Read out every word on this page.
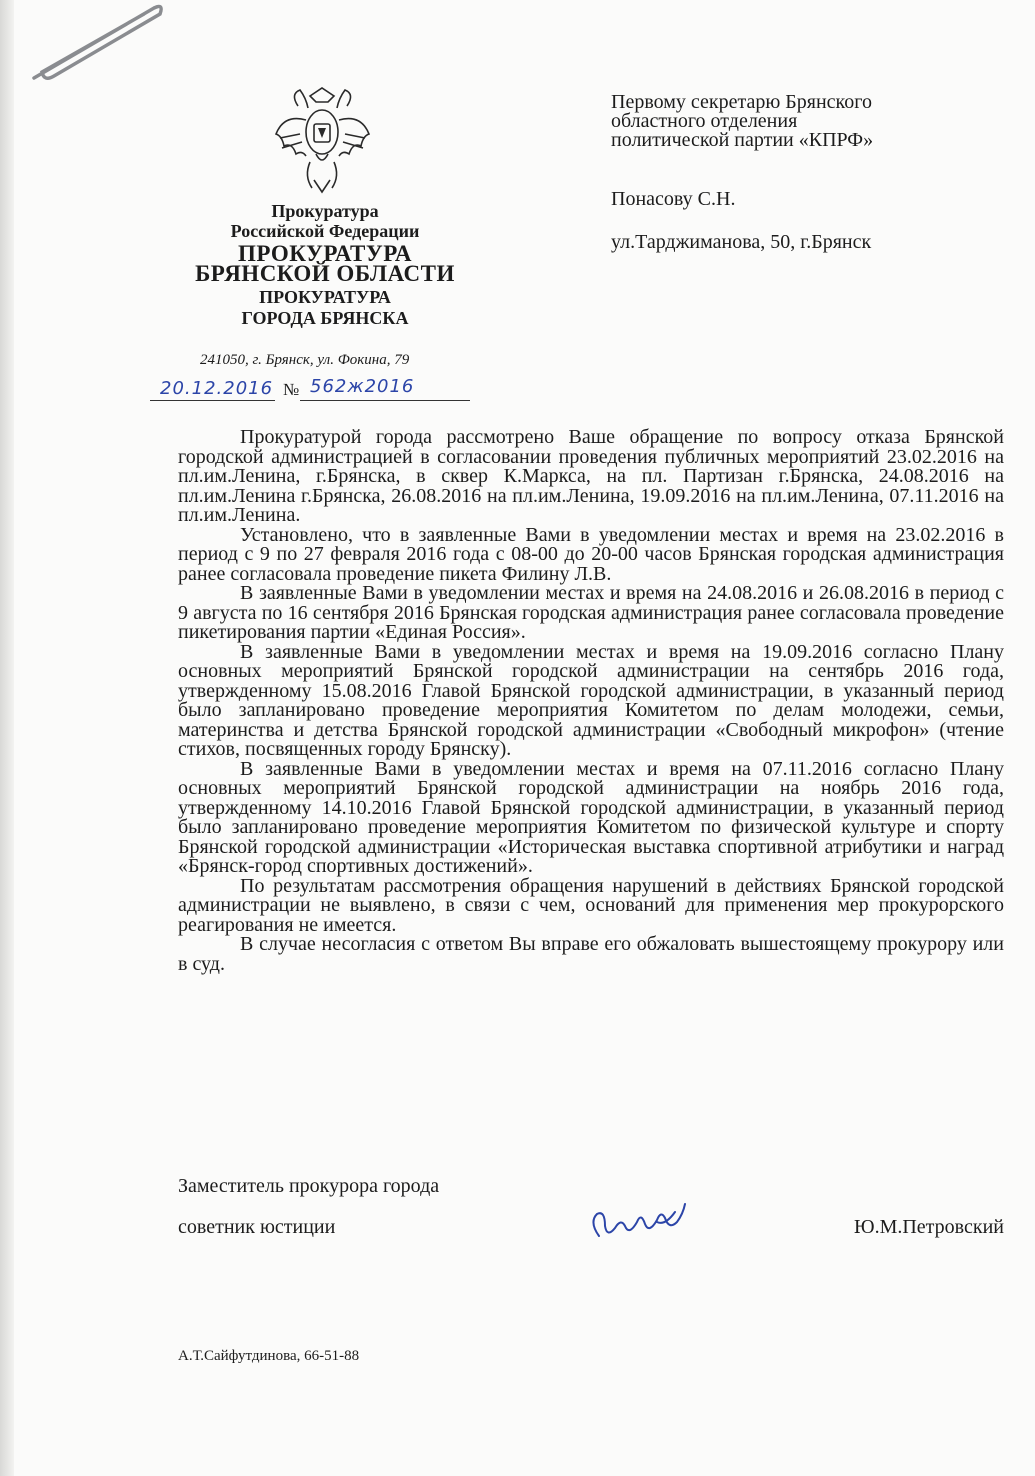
Прокуратура
Российской Федерации
ПРОКУРАТУРА
БРЯНСКОЙ ОБЛАСТИ
ПРОКУРАТУРА
ГОРОДА БРЯНСКА
241050, г. Брянск, ул. Фокина, 79
20.12.2016 № 562ж2016
Первому секретарю Брянского
областного отделения
политической партии «КПРФ»
Понасову С.Н.
ул.Тарджиманова, 50, г.Брянск

Прокуратурой города рассмотрено Ваше обращение по вопросу отказа Брянской городской администрацией в согласовании проведения публичных мероприятий 23.02.2016 на пл.им.Ленина, г.Брянска, в сквер К.Маркса, на пл. Партизан г.Брянска, 24.08.2016 на пл.им.Ленина г.Брянска, 26.08.2016 на пл.им.Ленина, 19.09.2016 на пл.им.Ленина, 07.11.2016 на пл.им.Ленина.

Установлено, что в заявленные Вами в уведомлении местах и время на 23.02.2016 в период с 9 по 27 февраля 2016 года с 08-00 до 20-00 часов Брянская городская администрация ранее согласовала проведение пикета Филину Л.В.

В заявленные Вами в уведомлении местах и время на 24.08.2016 и 26.08.2016 в период с 9 августа по 16 сентября 2016 Брянская городская администрация ранее согласовала проведение пикетирования партии «Единая Россия».

В заявленные Вами в уведомлении местах и время на 19.09.2016 согласно Плану основных мероприятий Брянской городской администрации на сентябрь 2016 года, утвержденному 15.08.2016 Главой Брянской городской администрации, в указанный период было запланировано проведение мероприятия Комитетом по делам молодежи, семьи, материнства и детства Брянской городской администрации «Свободный микрофон» (чтение стихов, посвященных городу Брянску).

В заявленные Вами в уведомлении местах и время на 07.11.2016 согласно Плану основных мероприятий Брянской городской администрации на ноябрь 2016 года, утвержденному 14.10.2016 Главой Брянской городской администрации, в указанный период было запланировано проведение мероприятия Комитетом по физической культуре и спорту Брянской городской администрации «Историческая выставка спортивной атрибутики и наград «Брянск-город спортивных достижений».

По результатам рассмотрения обращения нарушений в действиях Брянской городской администрации не выявлено, в связи с чем, оснований для применения мер прокурорского реагирования не имеется.

В случае несогласия с ответом Вы вправе его обжаловать вышестоящему прокурору или в суд.

Заместитель прокурора города
советник юстиции	Ю.М.Петровский
А.Т.Сайфутдинова, 66-51-88
